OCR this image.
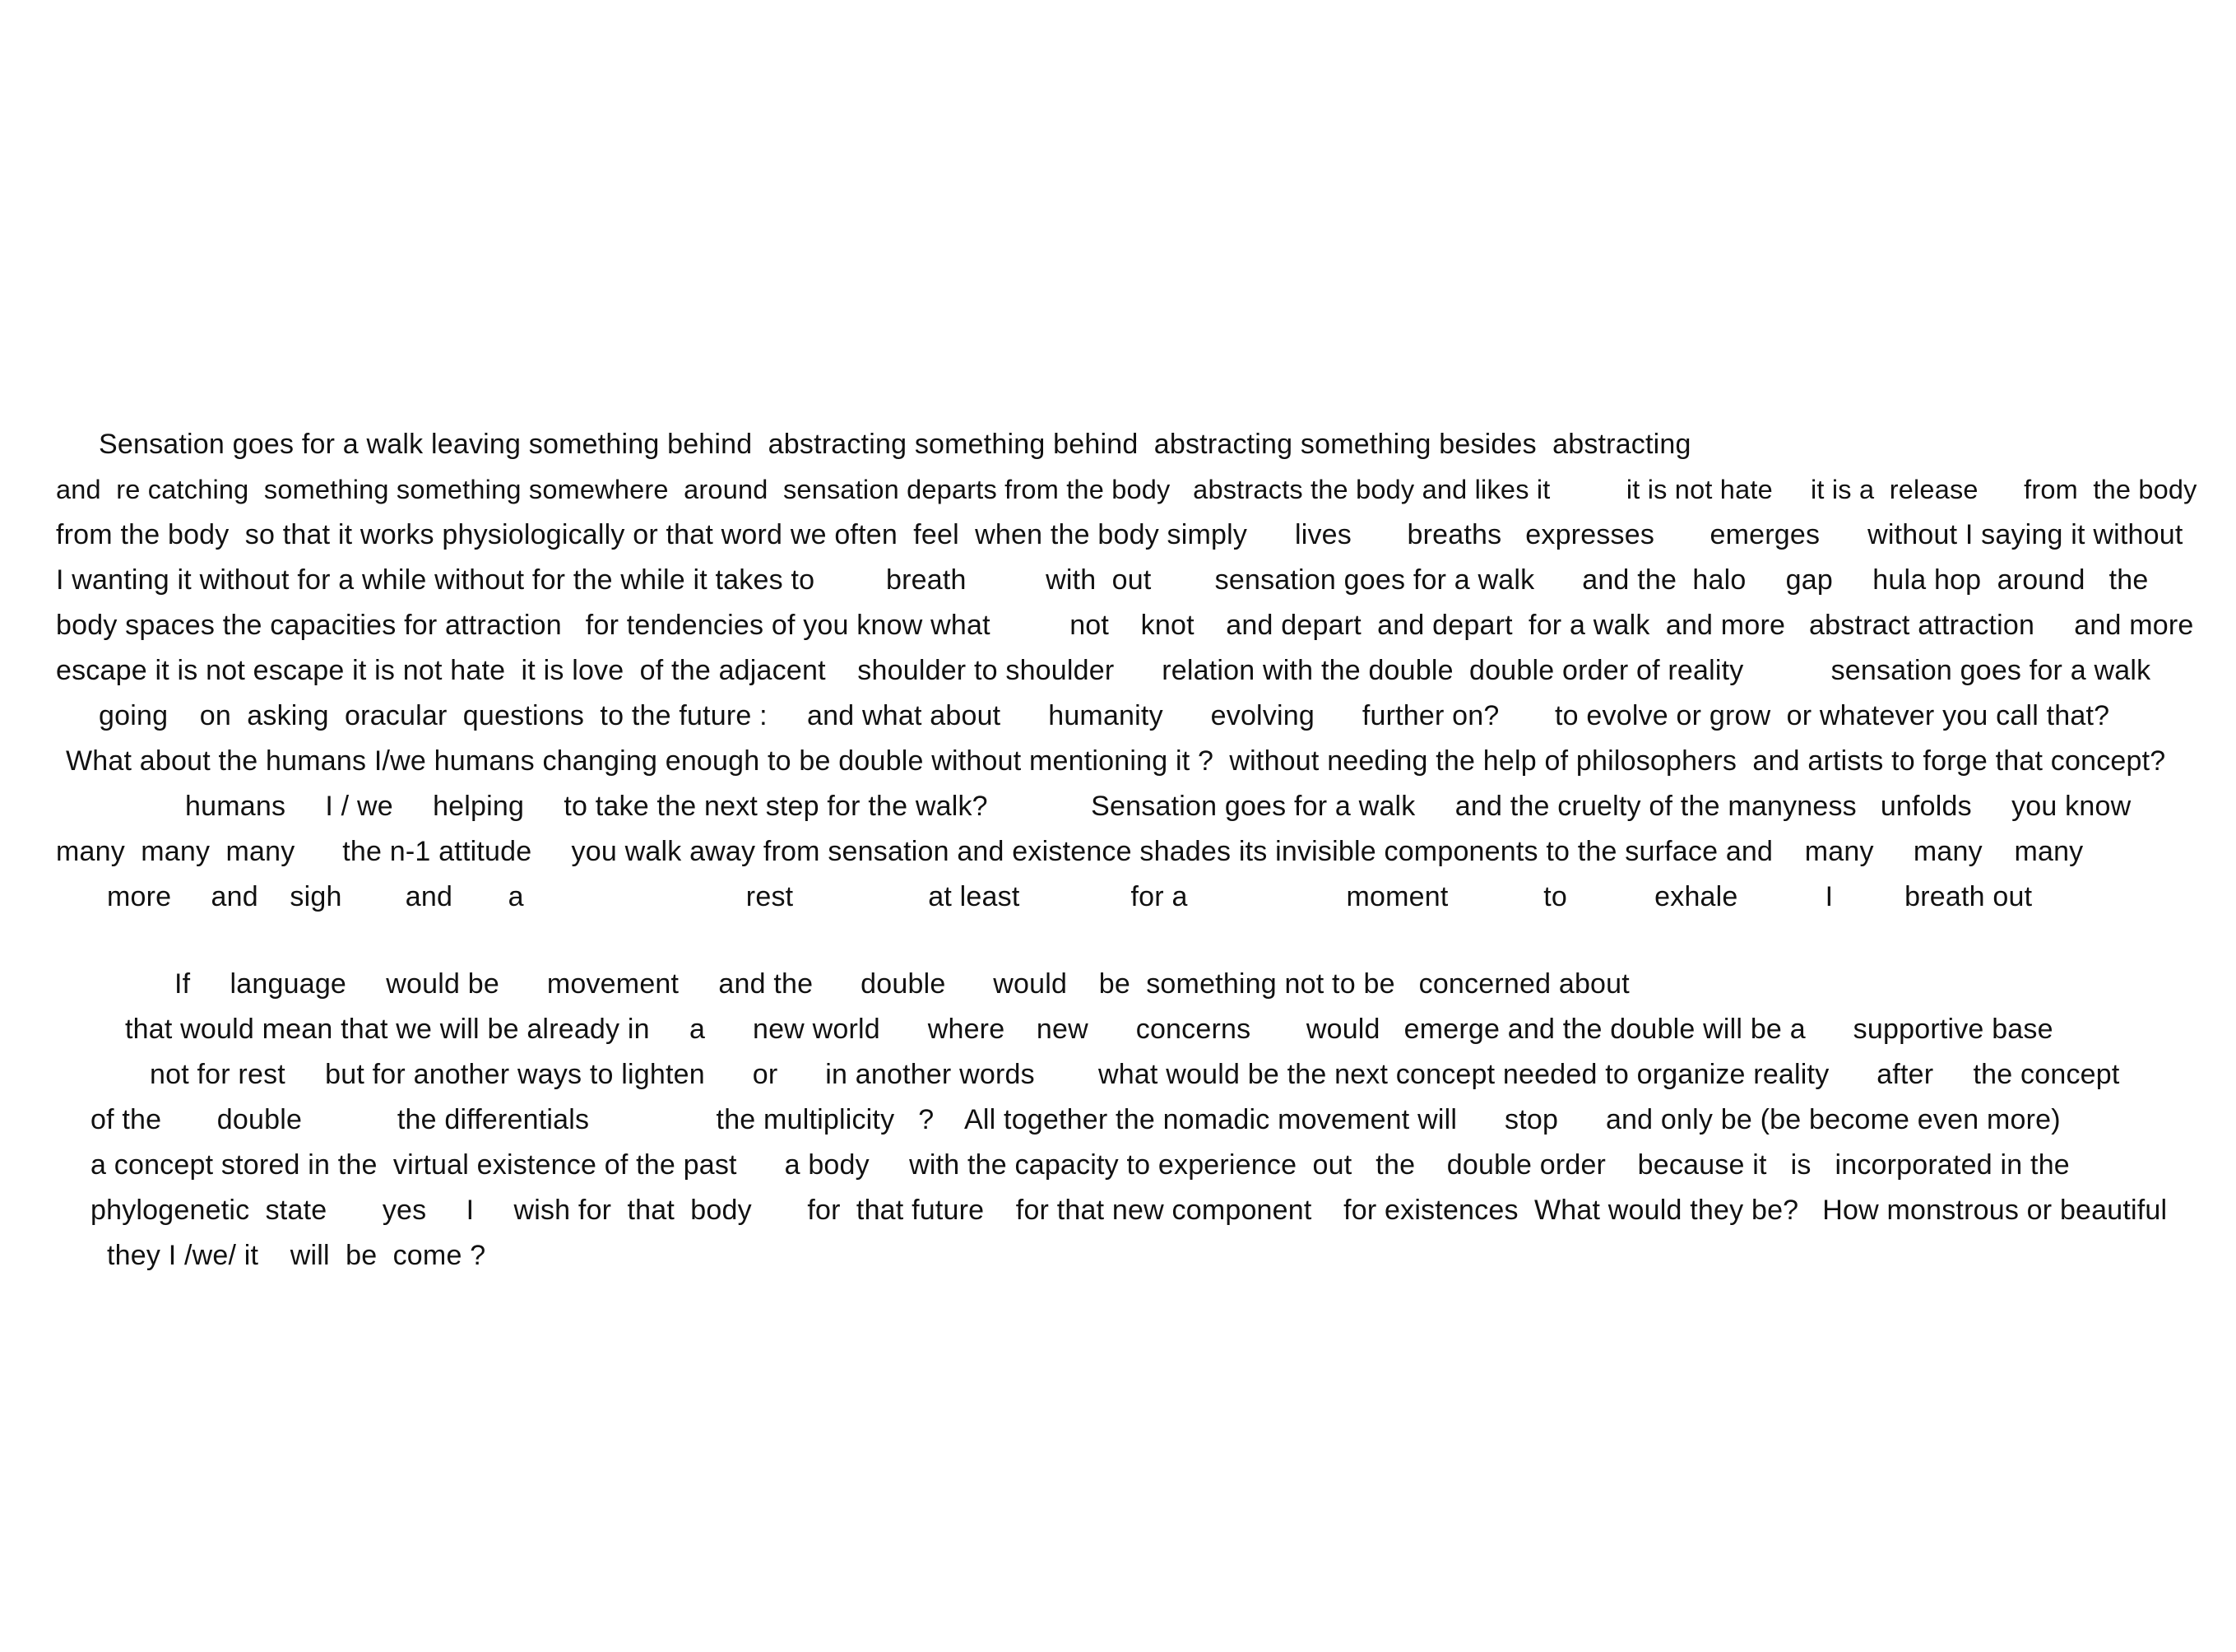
Sensation goes for a walk leaving something behind  abstracting something behind  abstracting something besides  abstracting
and  re catching  something something somewhere  around  sensation departs from the body   abstracts the body and likes it          it is not hate     it is a  release      from  the body
from the body  so that it works physiologically or that word we often  feel  when the body simply      lives       breaths   expresses       emerges      without I saying it without
I wanting it without for a while without for the while it takes to         breath          with  out        sensation goes for a walk      and the  halo     gap     hula hop  around   the
body spaces the capacities for attraction   for tendencies of you know what          not    knot    and depart  and depart  for a walk  and more   abstract attraction     and more
escape it is not escape it is not hate  it is love  of the adjacent    shoulder to shoulder      relation with the double  double order of reality           sensation goes for a walk
going    on  asking  oracular  questions  to the future :     and what about      humanity      evolving      further on?       to evolve or grow  or whatever you call that?
What about the humans I/we humans changing enough to be double without mentioning it ?  without needing the help of philosophers  and artists to forge that concept?
humans     I / we     helping     to take the next step for the walk?             Sensation goes for a walk     and the cruelty of the manyness   unfolds     you know
many  many  many      the n-1 attitude     you walk away from sensation and existence shades its invisible components to the surface and    many     many    many
more     and    sigh        and       a                            rest                 at least              for a                    moment            to           exhale           I         breath out
If     language     would be      movement     and the      double      would    be  something not to be   concerned about
that would mean that we will be already in     a      new world      where    new      concerns       would   emerge and the double will be a      supportive base
not for rest     but for another ways to lighten      or      in another words        what would be the next concept needed to organize reality      after     the concept
of the       double            the differentials                the multiplicity   ?    All together the nomadic movement will      stop      and only be (be become even more)
a concept stored in the  virtual existence of the past      a body     with the capacity to experience  out   the    double order    because it   is   incorporated in the
phylogenetic  state       yes     I     wish for  that  body       for  that future    for that new component    for existences  What would they be?   How monstrous or beautiful
they I /we/ it    will  be  come ?
